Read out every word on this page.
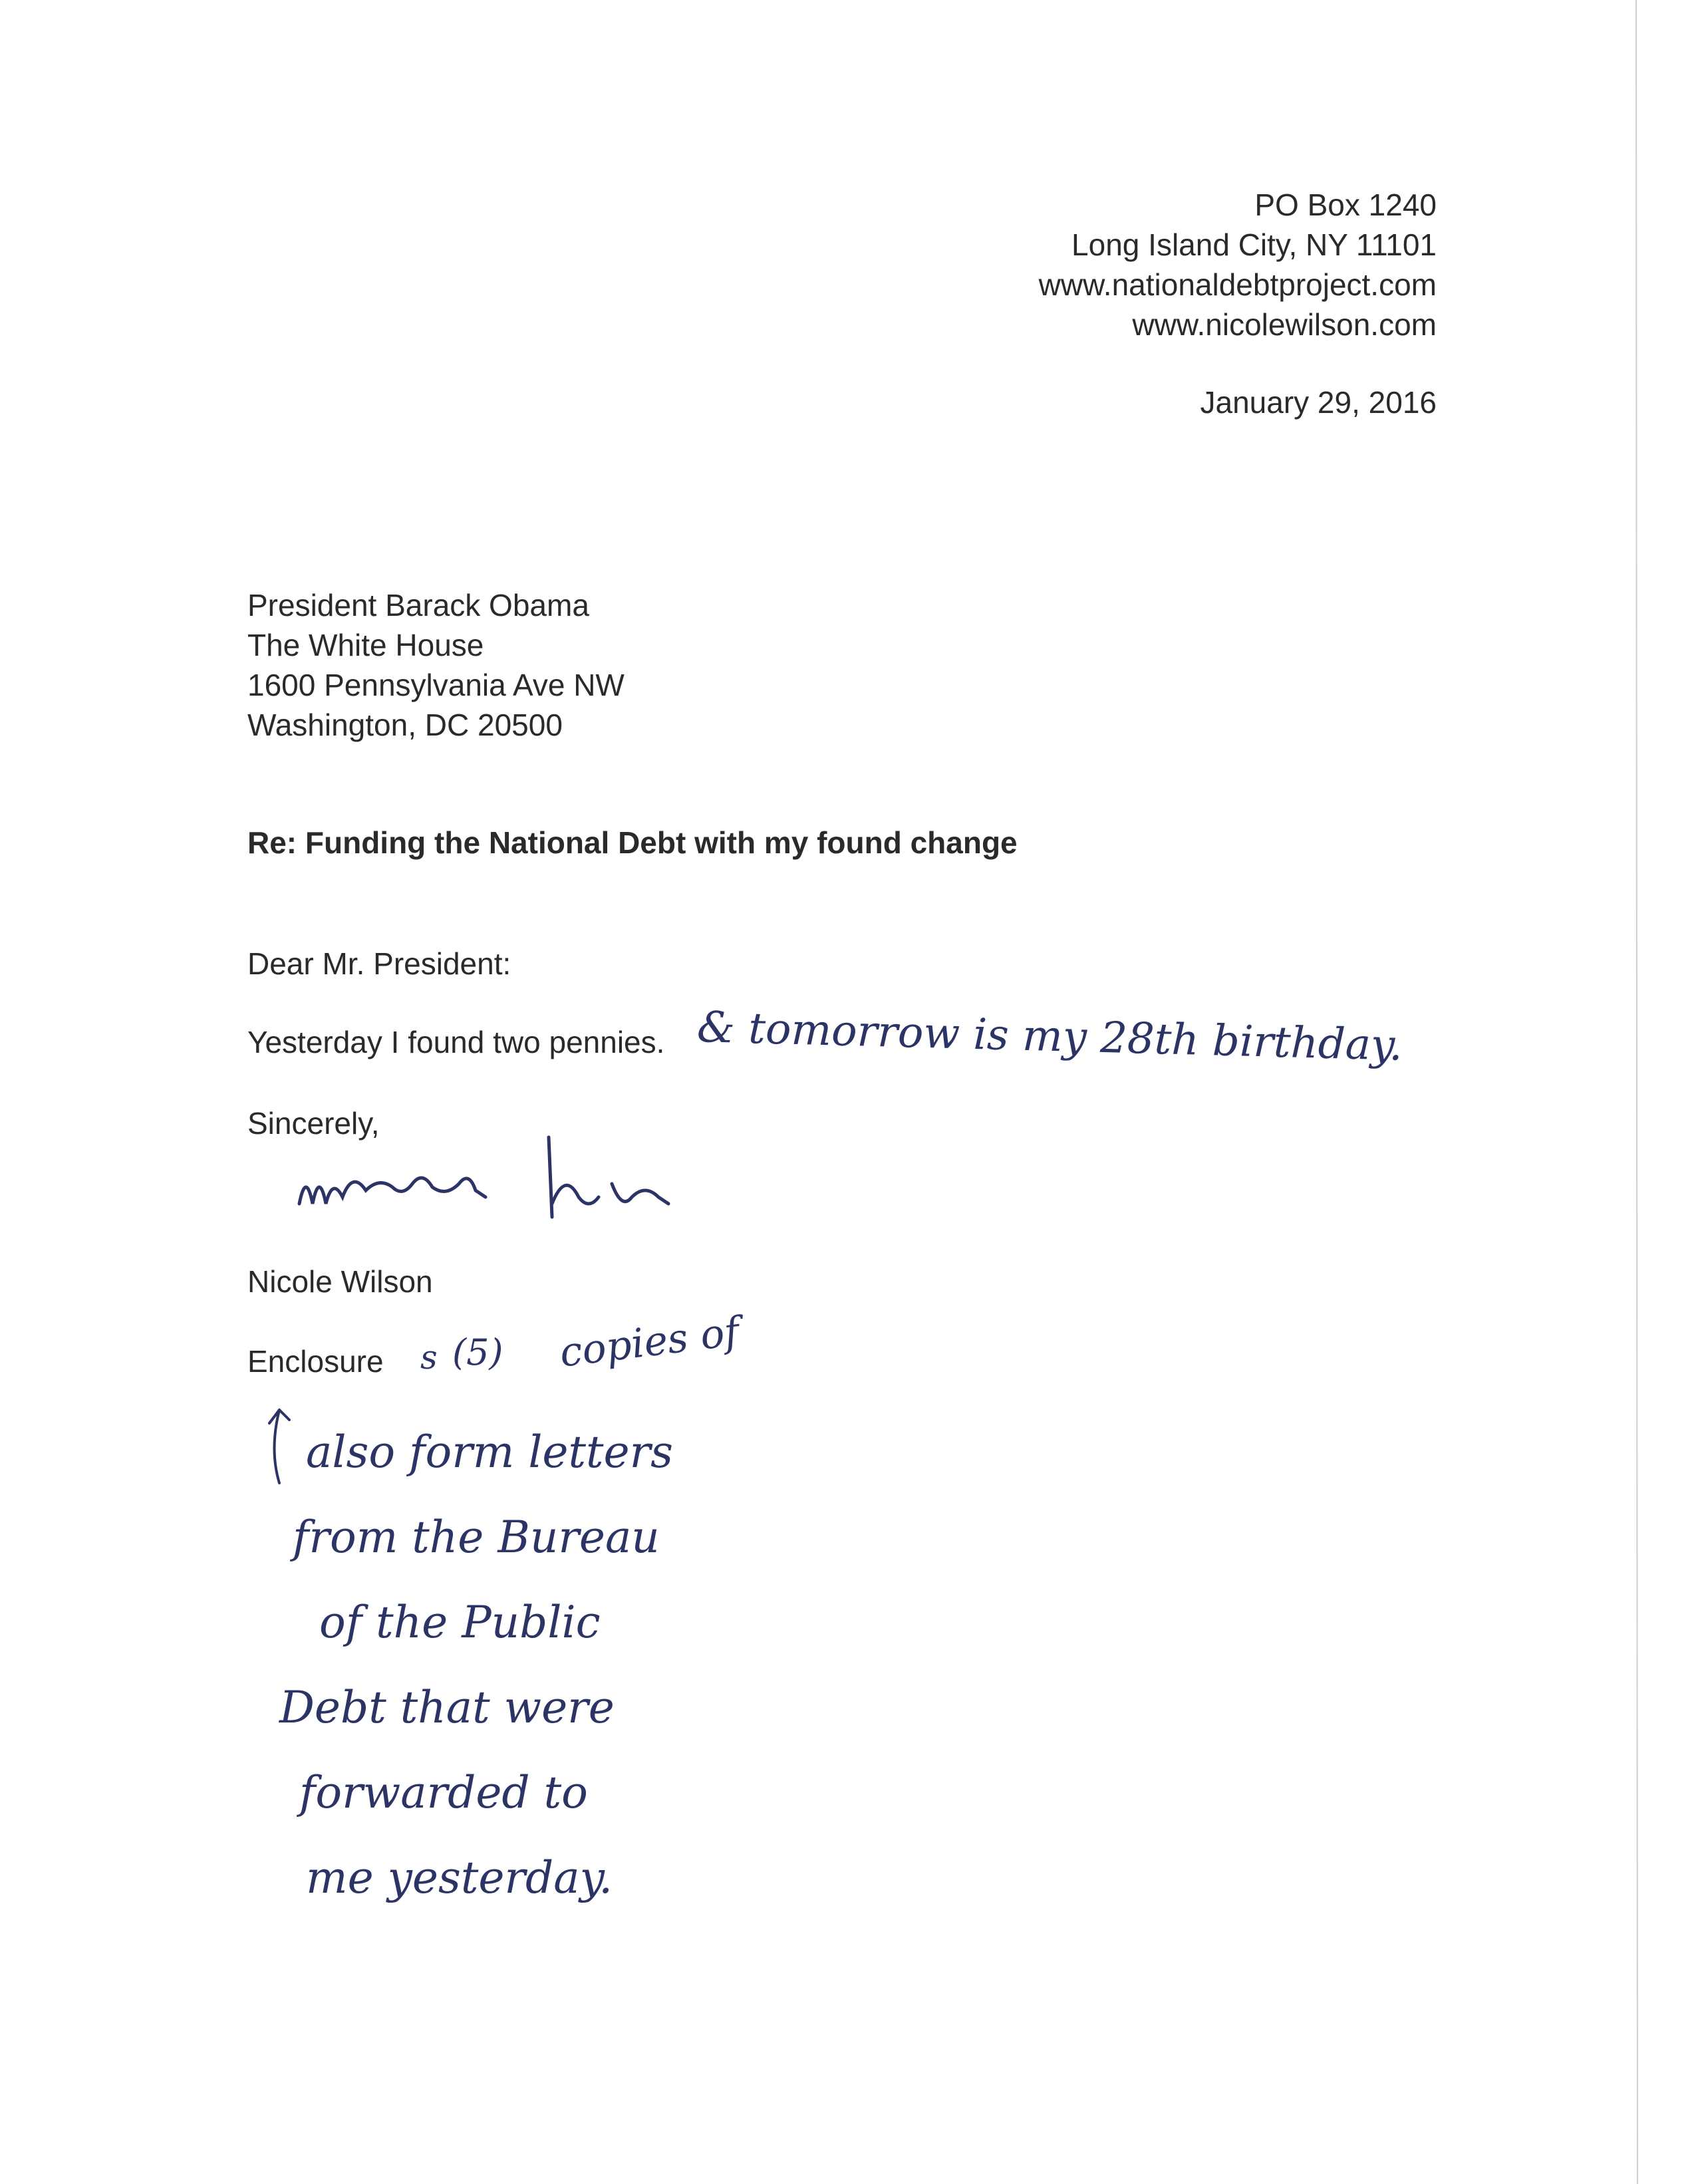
PO Box 1240
Long Island City, NY 11101
www.nationaldebtproject.com
www.nicolewilson.com
January 29, 2016
President Barack Obama
The White House
1600 Pennsylvania Ave NW
Washington, DC 20500
Re: Funding the National Debt with my found change
Dear Mr. President:
Yesterday I found two pennies. & tomorrow is my 28th birthday.
Sincerely,
Nicole Wilson
Enclosure s (5) copies of
also form letters
from the Bureau
of the Public
Debt that were
forwarded to
me yesterday.
